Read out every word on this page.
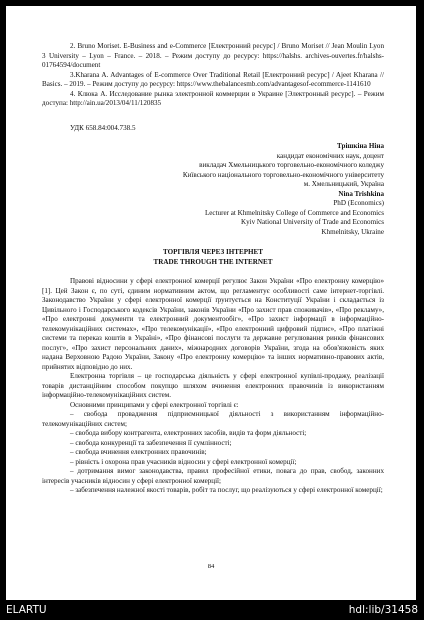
2. Bruno Moriset. E-Business and e-Commerce [Електронний ресурс] / Bruno Moriset // Jean Moulin Lyon 3 University – Lyon – France. – 2018. – Режим доступу до ресурсу: https://halshs. archives-ouvertes.fr/halshs-01764594/document

3.Kharana A. Advantages of E-commerce Over Traditional Retail [Електронний ресурс] / Ajeet Kharana // Basics. – 2019. – Режим доступу до ресурсу: https://www.thebalancesmb.com/advantagesof-ecommerce-1141610

4. Клюка А. Исследование рынка электронной коммерции в Украине [Электронный ресурс]. – Режим доступа: http://ain.ua/2013/04/11/120835

УДК 658.84:004.738.5
Трішкіна Ніна
кандидат економічних наук, доцент
викладач Хмельницького торговельно-економічного коледжу
Київського національного торговельно-економічного університету
м. Хмельницький, Україна
Nina Trishkina
PhD (Economics)
Lecturer at Khmelnitsky College of Commerce and Economics
Kyiv National University of Trade and Economics
Khmelnitsky, Ukraine
ТОРГІВЛЯ ЧЕРЕЗ ІНТЕРНЕТ
TRADE THROUGH THE INTERNET

Правові відносини у сфері електронної комерції регулює Закон України «Про електронну комерцію» [1]. Цей Закон є, по суті, єдиним нормативним актом, що регламентує особливості саме інтернет-торгівлі. Законодавство України у сфері електронної комерції ґрунтується на Конституції України і складається із Цивільного і Господарського кодексів України, законів України «Про захист прав споживачів», «Про рекламу», «Про електронні документи та електронний документообіг», «Про захист інформації в інформаційно-телекомунікаційних системах», «Про телекомунікації», «Про електронний цифровий підпис», «Про платіжні системи та переказ коштів в Україні», «Про фінансові послуги та державне регулювання ринків фінансових послуг», «Про захист персональних даних», міжнародних договорів України, згода на обов'язковість яких надана Верховною Радою України, Закону «Про електронну комерцію» та інших нормативно-правових актів, прийнятих відповідно до них.

Електронна торгівля – це господарська діяльність у сфері електронної купівлі-продажу, реалізації товарів дистанційним способом покупцю шляхом вчинення електронних правочинів із використанням інформаційно-телекомунікаційних систем.

Основними принципами у сфері електронної торгівлі є:

– свобода провадження підприємницької діяльності з використанням інформаційно-телекомунікаційних систем;

– свобода вибору контрагента, електронних засобів, видів та форм діяльності;

– свобода конкуренції та забезпечення її сумлінності;

– свобода вчинення електронних правочинів;

– рівність і охорона прав учасників відносин у сфері електронної комерції;

– дотримання вимог законодавства, правил професійної етики, повага до прав, свобод, законних інтересів учасників відносин у сфері електронної комерції;

– забезпечення належної якості товарів, робіт та послуг, що реалізуються у сфері електронної комерції;

84
ELARTU	hdl:lib/31458
